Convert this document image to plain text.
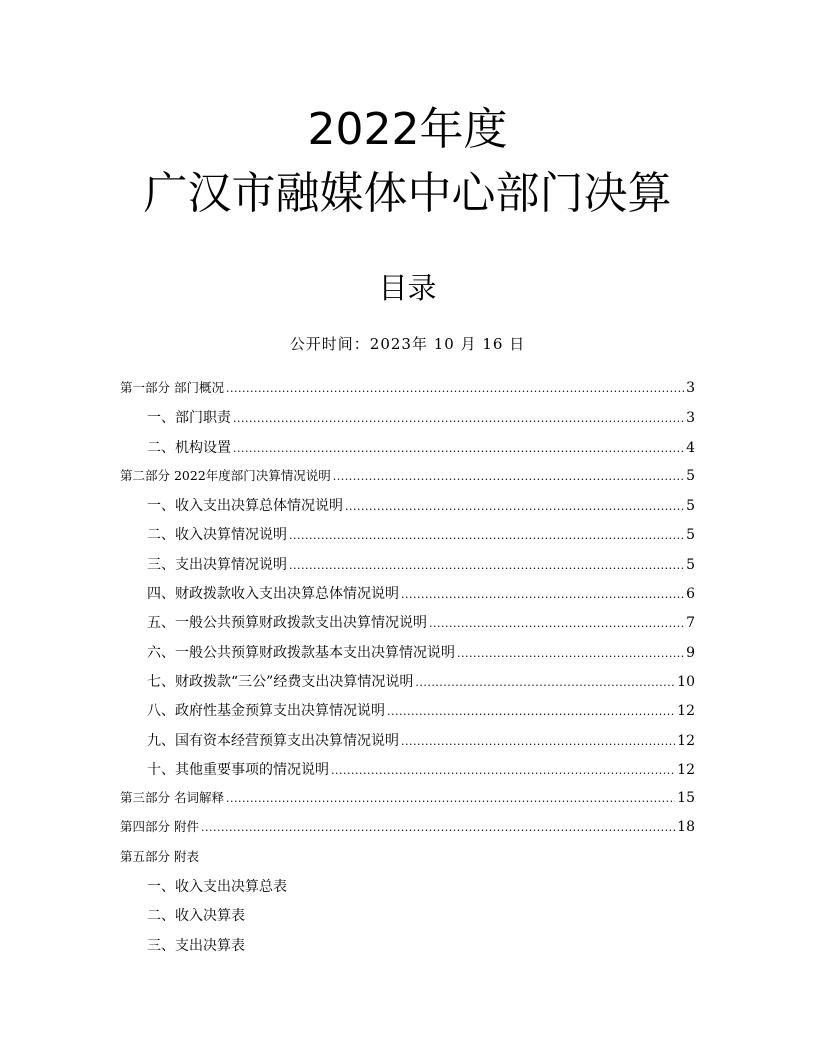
2022年度
广汉市融媒体中心部门决算
目录
公开时间：2023年 10 月 16 日
第一部分 部门概况 .....	3
一、部门职责 .....	3
二、机构设置 .....	4
第二部分 2022年度部门决算情况说明 .....	5
一、收入支出决算总体情况说明 .....	5
二、收入决算情况说明 .....	5
三、支出决算情况说明 .....	5
四、财政拨款收入支出决算总体情况说明 .....	6
五、一般公共预算财政拨款支出决算情况说明 .....	7
六、一般公共预算财政拨款基本支出决算情况说明 .....	9
七、财政拨款“三公”经费支出决算情况说明 .....	10
八、政府性基金预算支出决算情况说明 .....	12
九、国有资本经营预算支出决算情况说明 .....	12
十、其他重要事项的情况说明 .....	12
第三部分 名词解释 .....	15
第四部分 附件 .....	18
第五部分 附表
一、收入支出决算总表
二、收入决算表
三、支出决算表
